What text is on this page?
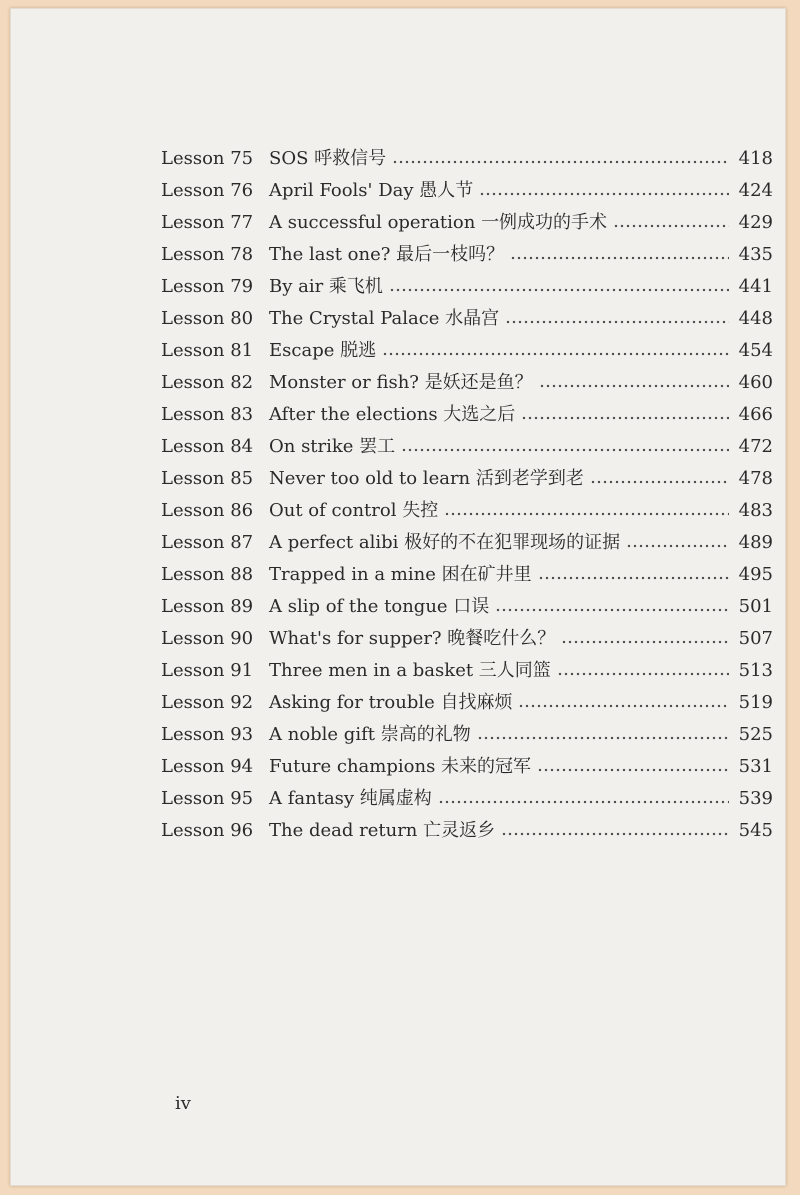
Lesson 75 SOS 呼救信号	418
Lesson 76 April Fools' Day 愚人节	424
Lesson 77 A successful operation 一例成功的手术	429
Lesson 78 The last one? 最后一枝吗？	435
Lesson 79 By air 乘飞机	441
Lesson 80 The Crystal Palace 水晶宫	448
Lesson 81 Escape 脱逃	454
Lesson 82 Monster or fish? 是妖还是鱼？	460
Lesson 83 After the elections 大选之后	466
Lesson 84 On strike 罢工	472
Lesson 85 Never too old to learn 活到老学到老	478
Lesson 86 Out of control 失控	483
Lesson 87 A perfect alibi 极好的不在犯罪现场的证据	489
Lesson 88 Trapped in a mine 困在矿井里	495
Lesson 89 A slip of the tongue 口误	501
Lesson 90 What's for supper? 晚餐吃什么？	507
Lesson 91 Three men in a basket 三人同篮	513
Lesson 92 Asking for trouble 自找麻烦	519
Lesson 93 A noble gift 崇高的礼物	525
Lesson 94 Future champions 未来的冠军	531
Lesson 95 A fantasy 纯属虚构	539
Lesson 96 The dead return 亡灵返乡	545
iv
